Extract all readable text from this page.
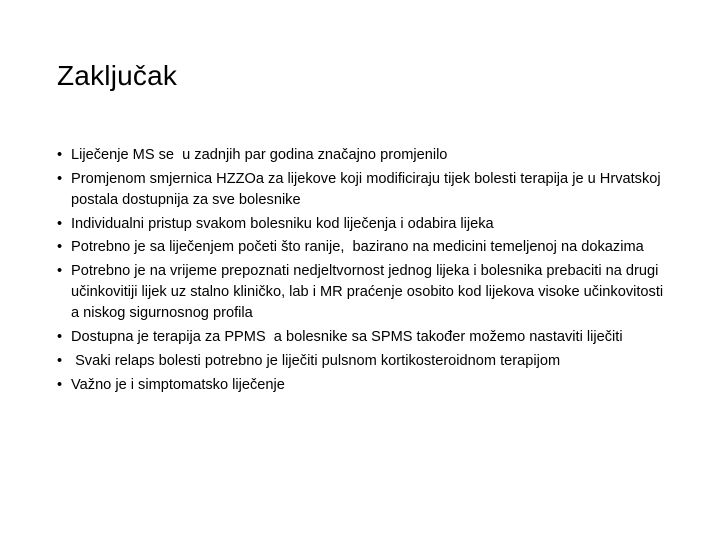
Zaključak
• Liječenje MS se  u zadnjih par godina značajno promjenilo
• Promjenom smjernica HZZOa za lijekove koji modificiraju tijek bolesti terapija je u Hrvatskoj postala dostupnija za sve bolesnike
• Individualni pristup svakom bolesniku kod liječenja i odabira lijeka
• Potrebno je sa liječenjem početi što ranije,  bazirano na medicini temeljenoj na dokazima
• Potrebno je na vrijeme prepoznati nedjeltvornost jednog lijeka i bolesnika prebaciti na drugi učinkovitiji lijek uz stalno kliničko, lab i MR praćenje osobito kod lijekova visoke učinkovitosti a niskog sigurnosnog profila
• Dostupna je terapija za PPMS  a bolesnike sa SPMS također možemo nastaviti liječiti
• Svaki relaps bolesti potrebno je liječiti pulsnom kortikosteroidnom terapijom
• Važno je i simptomatsko liječenje
